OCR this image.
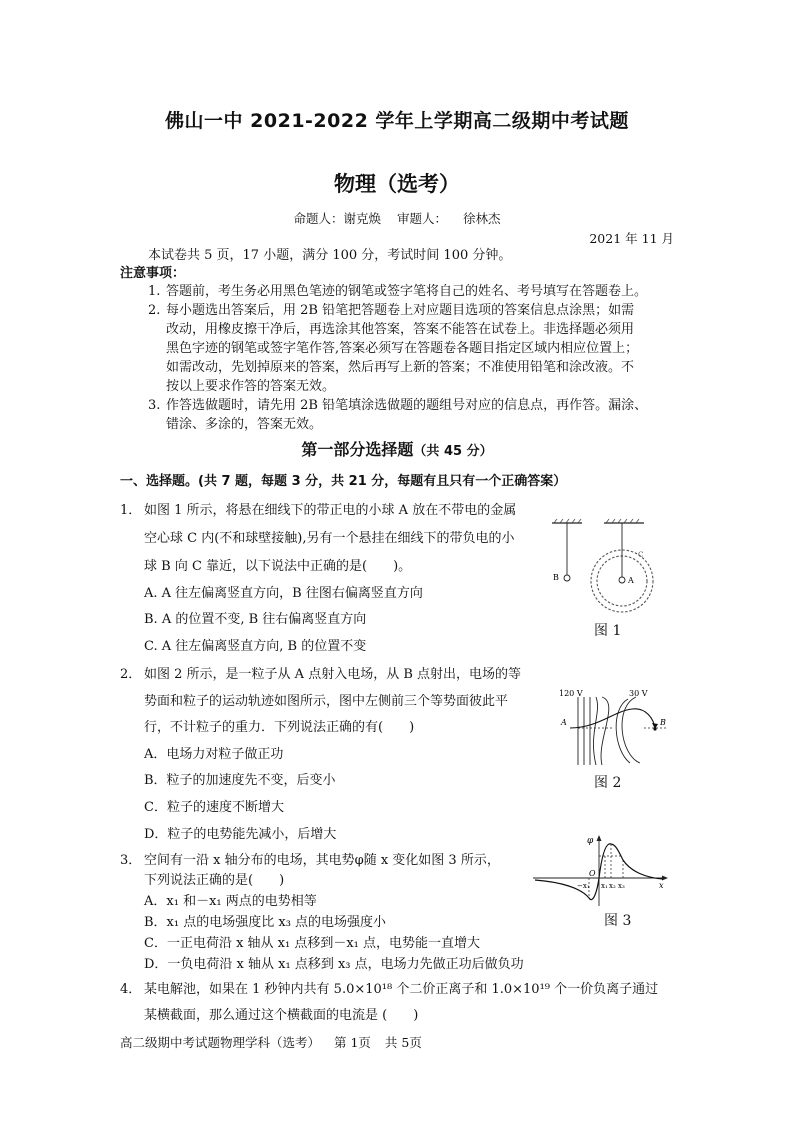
佛山一中 2021-2022 学年上学期高二级期中考试题
物理（选考）
命题人：谢克焕 审题人： 徐林杰
2021 年 11 月
本试卷共 5 页，17 小题，满分 100 分，考试时间 100 分钟。
注意事项：
1. 答题前，考生务必用黑色笔迹的钢笔或签字笔将自己的姓名、考号填写在答题卷上。
2. 每小题选出答案后，用 2B 铅笔把答题卷上对应题目选项的答案信息点涂黑；如需
改动，用橡皮擦干净后，再选涂其他答案，答案不能答在试卷上。非选择题必须用
黑色字迹的钢笔或签字笔作答,答案必须写在答题卷各题目指定区域内相应位置上；
如需改动，先划掉原来的答案，然后再写上新的答案；不准使用铅笔和涂改液。不
按以上要求作答的答案无效。
3. 作答选做题时，请先用 2B 铅笔填涂选做题的题组号对应的信息点，再作答。漏涂、
错涂、多涂的，答案无效。
第一部分选择题（共 45 分）
一、选择题。(共 7 题，每题 3 分，共 21 分，每题有且只有一个正确答案）
1． 如图 1 所示，将悬在细线下的带正电的小球 A 放在不带电的金属
空心球 C 内(不和球壁接触),另有一个悬挂在细线下的带负电的小
球 B 向 C 靠近，以下说法中正确的是(　　)。
A. A 往左偏离竖直方向，B 往图右偏离竖直方向
B. A 的位置不变, B 往右偏离竖直方向
C. A 往左偏离竖直方向, B 的位置不变
B	A
C
图 1
2． 如图 2 所示，是一粒子从 A 点射入电场，从 B 点射出，电场的等
势面和粒子的运动轨迹如图所示，图中左侧前三个等势面彼此平
行，不计粒子的重力．下列说法正确的有(　　)
A．电场力对粒子做正功
B．粒子的加速度先不变，后变小
C．粒子的速度不断增大
D．粒子的电势能先减小，后增大
120 V	30 V
A	B
图 2
3． 空间有一沿 x 轴分布的电场，其电势φ随 x 变化如图 3 所示，
下列说法正确的是(　　)
A．x₁ 和－x₁ 两点的电势相等
B．x₁ 点的电场强度比 x₃ 点的电场强度小
C．一正电荷沿 x 轴从 x₁ 点移到－x₁ 点，电势能一直增大
D．一负电荷沿 x 轴从 x₁ 点移到 x₃ 点，电场力先做正功后做负功
φ
O
−x₁ x₁ x₂ x₃	x
图 3
4． 某电解池，如果在 1 秒钟内共有 5.0×10¹⁸ 个二价正离子和 1.0×10¹⁹ 个一价负离子通过
某横截面，那么通过这个横截面的电流是 (　　)
高二级期中考试题物理学科（选考） 第 1页 共 5页
